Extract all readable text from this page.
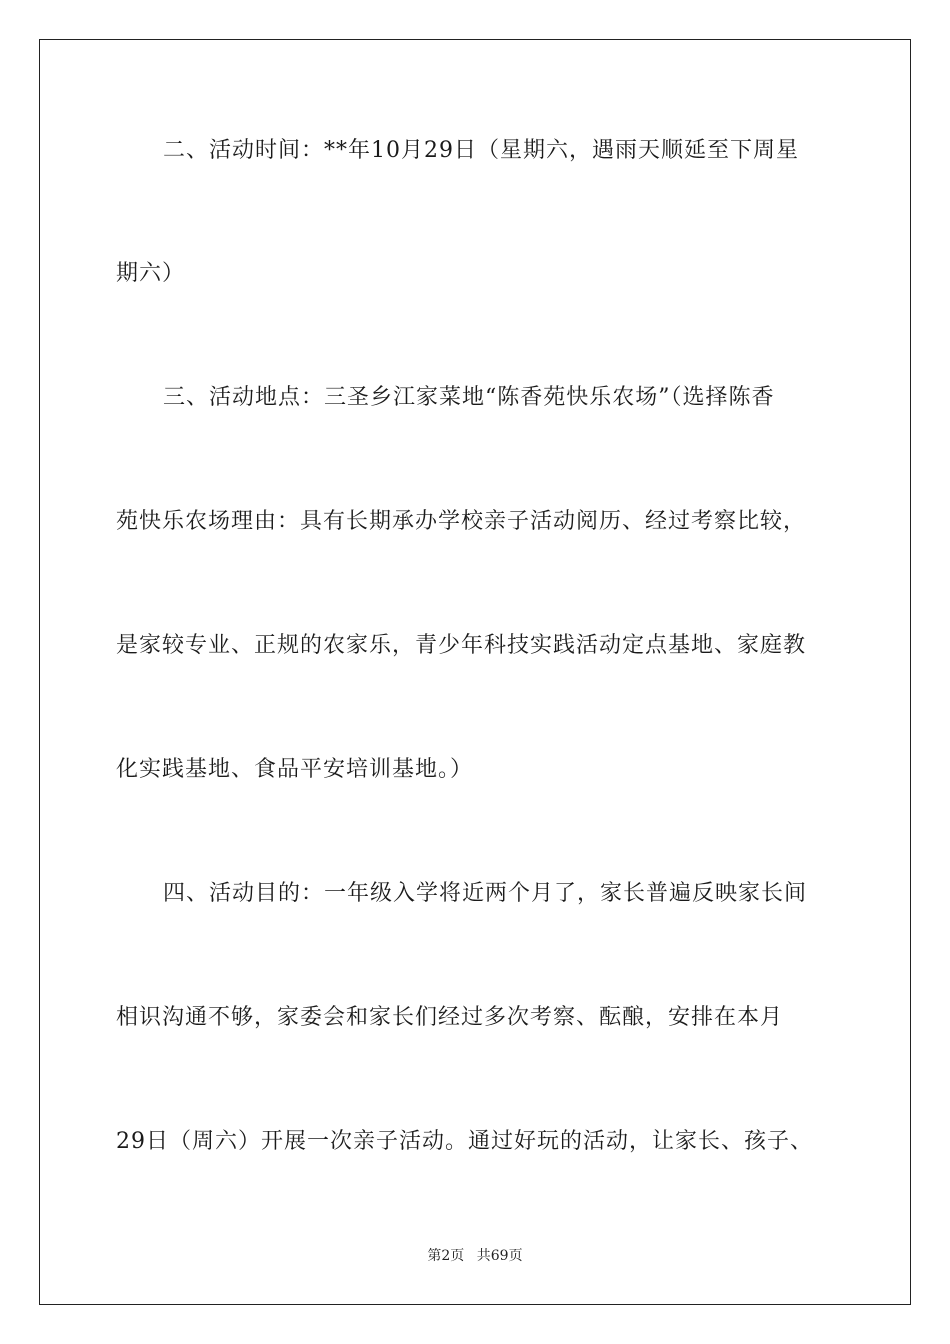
二、活动时间：**年10月29日（星期六，遇雨天顺延至下周星
期六）
三、活动地点：三圣乡江家菜地“陈香苑快乐农场”（选择陈香
苑快乐农场理由：具有长期承办学校亲子活动阅历、经过考察比较，
是家较专业、正规的农家乐，青少年科技实践活动定点基地、家庭教
化实践基地、食品平安培训基地。）
四、活动目的：一年级入学将近两个月了，家长普遍反映家长间
相识沟通不够，家委会和家长们经过多次考察、酝酿，安排在本月
29日（周六）开展一次亲子活动。通过好玩的活动，让家长、孩子、
第2页 共69页
